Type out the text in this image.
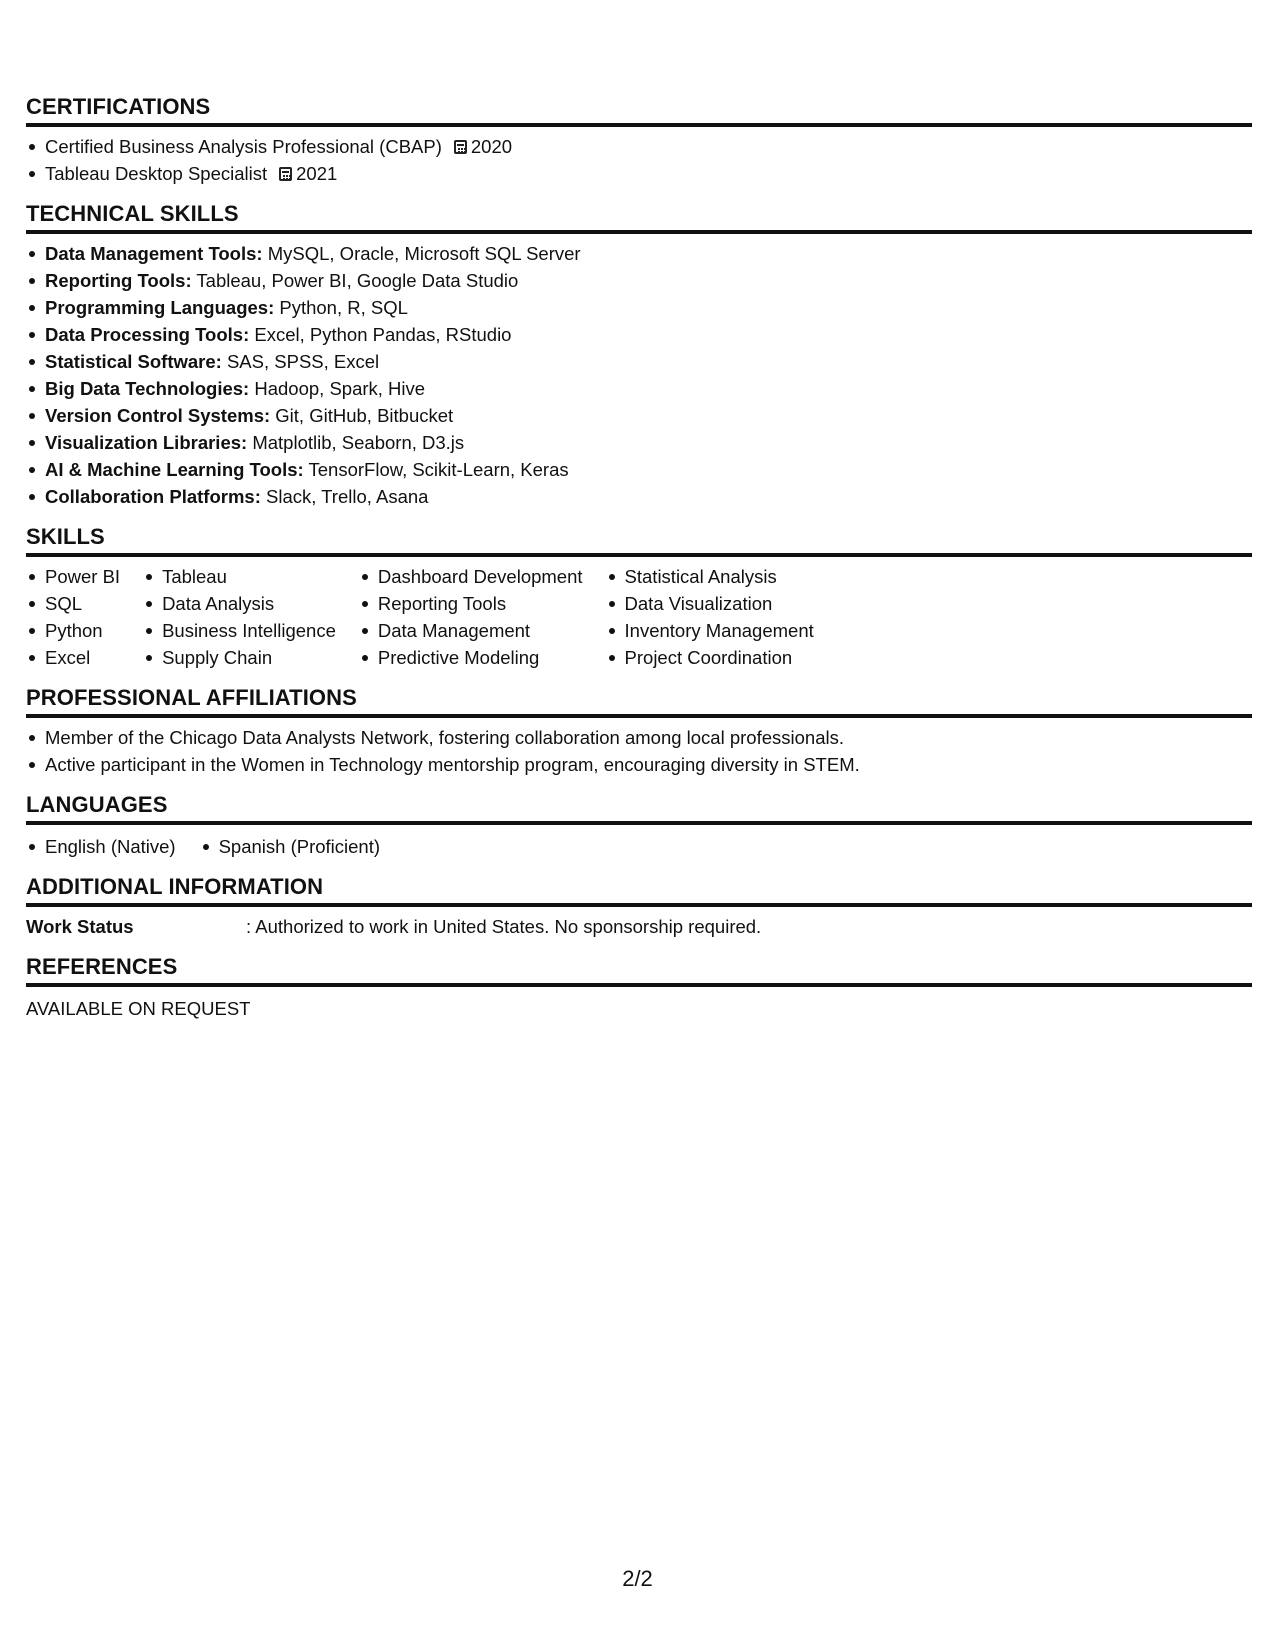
CERTIFICATIONS
Certified Business Analysis Professional (CBAP) 2020
Tableau Desktop Specialist 2021
TECHNICAL SKILLS
Data Management Tools: MySQL, Oracle, Microsoft SQL Server
Reporting Tools: Tableau, Power BI, Google Data Studio
Programming Languages: Python, R, SQL
Data Processing Tools: Excel, Python Pandas, RStudio
Statistical Software: SAS, SPSS, Excel
Big Data Technologies: Hadoop, Spark, Hive
Version Control Systems: Git, GitHub, Bitbucket
Visualization Libraries: Matplotlib, Seaborn, D3.js
AI & Machine Learning Tools: TensorFlow, Scikit-Learn, Keras
Collaboration Platforms: Slack, Trello, Asana
SKILLS
Power BI
SQL
Python
Excel
Tableau
Data Analysis
Business Intelligence
Supply Chain
Dashboard Development
Reporting Tools
Data Management
Predictive Modeling
Statistical Analysis
Data Visualization
Inventory Management
Project Coordination
PROFESSIONAL AFFILIATIONS
Member of the Chicago Data Analysts Network, fostering collaboration among local professionals.
Active participant in the Women in Technology mentorship program, encouraging diversity in STEM.
LANGUAGES
English (Native) Spanish (Proficient)
ADDITIONAL INFORMATION
Work Status	: Authorized to work in United States. No sponsorship required.
REFERENCES
AVAILABLE ON REQUEST
2/2
